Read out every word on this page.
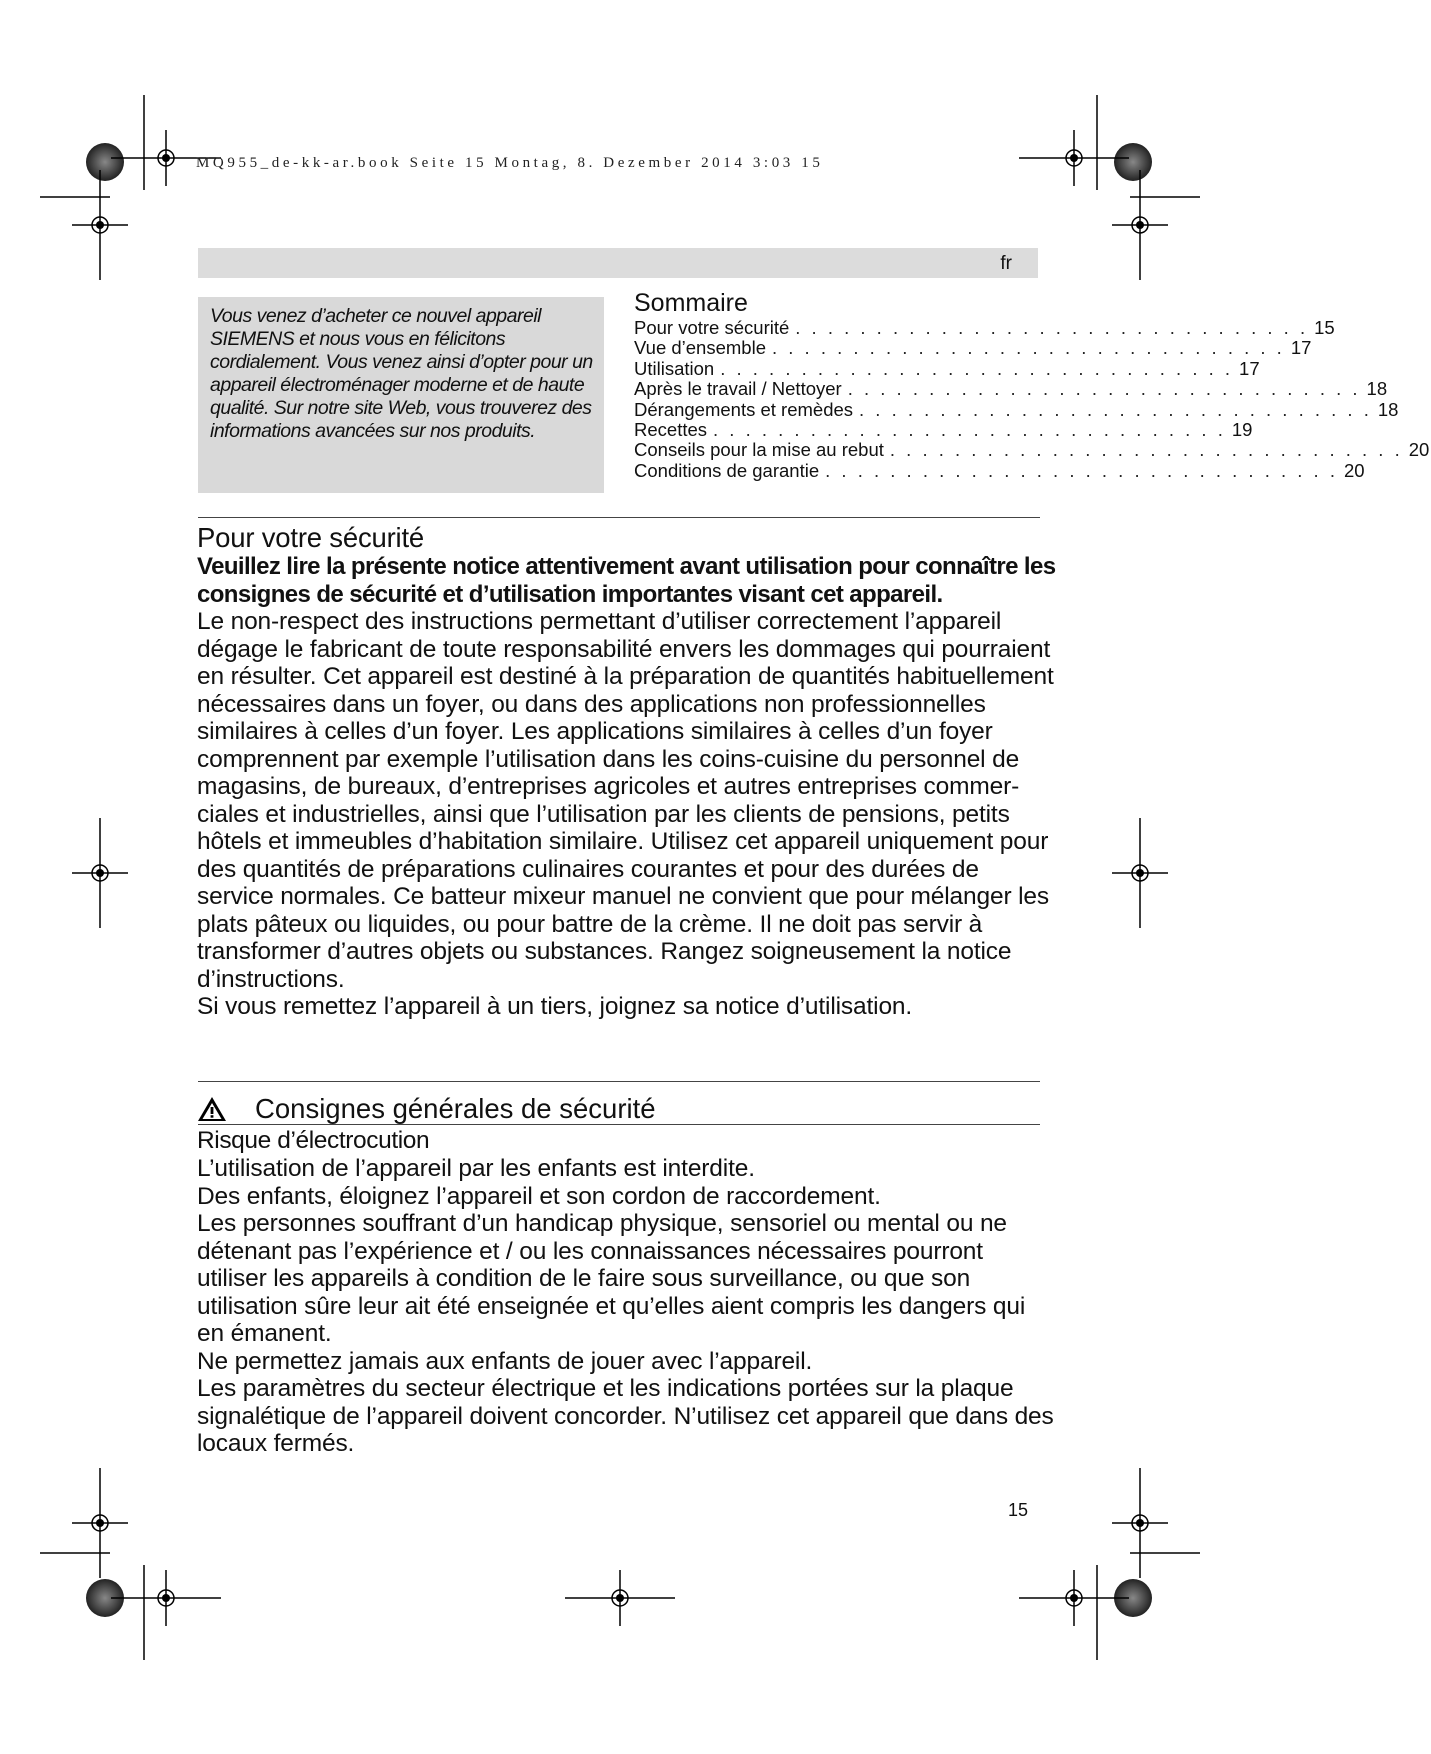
MQ955_de-kk-ar.book Seite 15 Montag, 8. Dezember 2014 3:03 15
fr

Vous venez d’acheter ce nouvel appareil SIEMENS et nous vous en félicitons cordialement. Vous venez ainsi d’opter pour un appareil électroménager moderne et de haute qualité. Sur notre site Web, vous trouverez des informations avancées sur nos produits.

Sommaire
Pour votre sécurité . . . . . . . . . . . . . . . . . . . . . . . . . . . . . . . . 15
Vue d’ensemble . . . . . . . . . . . . . . . . . . . . . . . . . . . . . . . . 17
Utilisation . . . . . . . . . . . . . . . . . . . . . . . . . . . . . . . . 17
Après le travail / Nettoyer . . . . . . . . . . . . . . . . . . . . . . . . . . . . . . . . 18
Dérangements et remèdes . . . . . . . . . . . . . . . . . . . . . . . . . . . . . . . . 18
Recettes . . . . . . . . . . . . . . . . . . . . . . . . . . . . . . . . 19
Conseils pour la mise au rebut . . . . . . . . . . . . . . . . . . . . . . . . . . . . . . . . 20
Conditions de garantie . . . . . . . . . . . . . . . . . . . . . . . . . . . . . . . . 20
Pour votre sécurité

Veuillez lire la présente notice attentivement avant utilisation pour connaître les consignes de sécurité et d’utilisation importantes visant cet appareil.

Le non-respect des instructions permettant d’utiliser correctement l’appareil dégage le fabricant de toute responsabilité envers les dommages qui pourraient en résulter. Cet appareil est destiné à la préparation de quantités habituellement nécessaires dans un foyer, ou dans des applications non professionnelles similaires à celles d’un foyer. Les applications similaires à celles d’un foyer comprennent par exemple l’utilisation dans les coins-cuisine du personnel de magasins, de bureaux, d’entreprises agricoles et autres entreprises commer-ciales et industrielles, ainsi que l’utilisation par les clients de pensions, petits hôtels et immeubles d’habitation similaire. Utilisez cet appareil uniquement pour des quantités de préparations culinaires courantes et pour des durées de service normales. Ce batteur mixeur manuel ne convient que pour mélanger les plats pâteux ou liquides, ou pour battre de la crème. Il ne doit pas servir à transformer d’autres objets ou substances. Rangez soigneusement la notice d’instructions.

Si vous remettez l’appareil à un tiers, joignez sa notice d’utilisation.

Consignes générales de sécurité
Risque d’électrocution

L’utilisation de l’appareil par les enfants est interdite.

Des enfants, éloignez l’appareil et son cordon de raccordement.

Les personnes souffrant d’un handicap physique, sensoriel ou mental ou ne détenant pas l’expérience et / ou les connaissances nécessaires pourront utiliser les appareils à condition de le faire sous surveillance, ou que son utilisation sûre leur ait été enseignée et qu’elles aient compris les dangers qui en émanent.

Ne permettez jamais aux enfants de jouer avec l’appareil.

Les paramètres du secteur électrique et les indications portées sur la plaque signalétique de l’appareil doivent concorder. N’utilisez cet appareil que dans des locaux fermés.

15
